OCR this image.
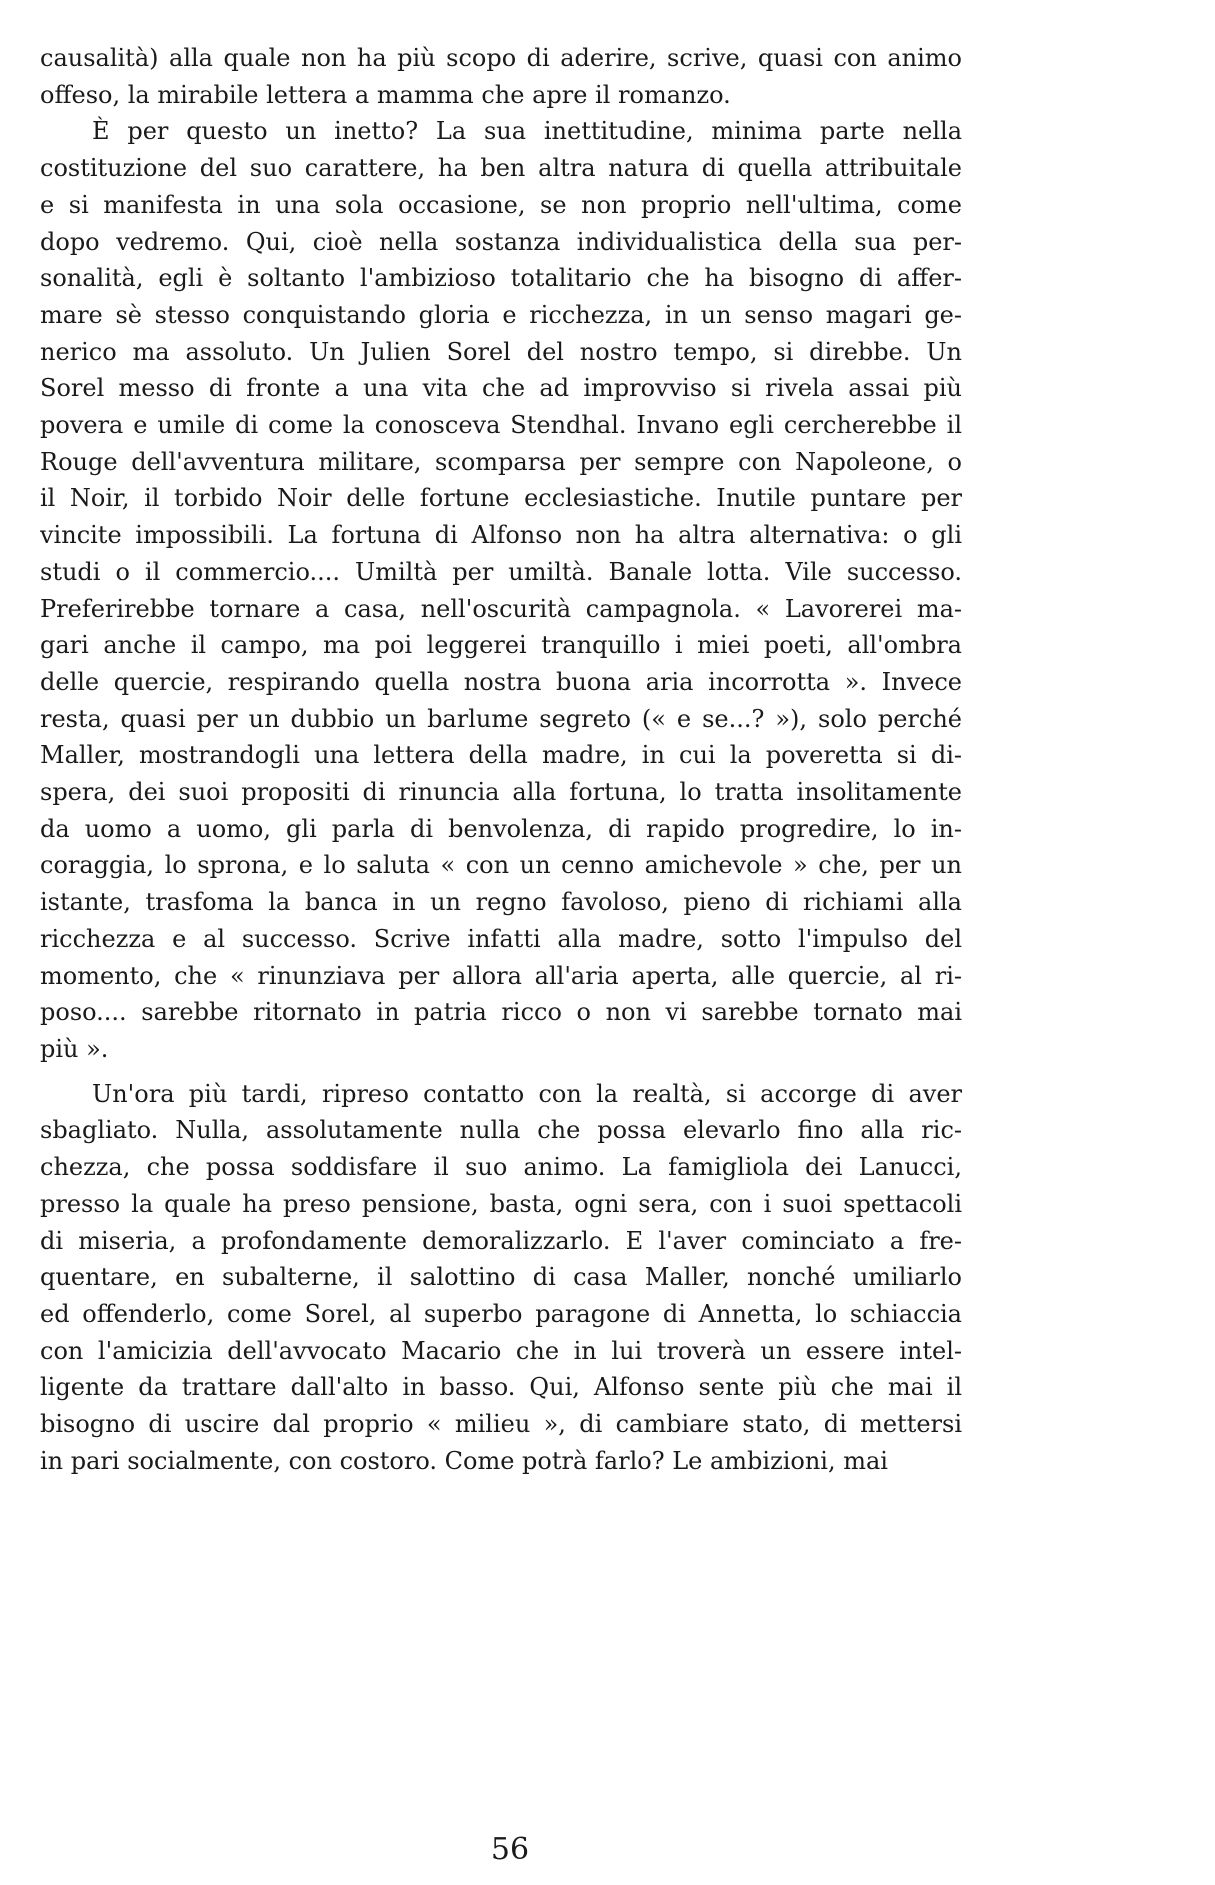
causalità) alla quale non ha più scopo di aderire, scrive, quasi con animo
offeso, la mirabile lettera a mamma che apre il romanzo.
È per questo un inetto? La sua inettitudine, minima parte nella
costituzione del suo carattere, ha ben altra natura di quella attribuitale
e si manifesta in una sola occasione, se non proprio nell'ultima, come
dopo vedremo. Qui, cioè nella sostanza individualistica della sua per-
sonalità, egli è soltanto l'ambizioso totalitario che ha bisogno di affer-
mare sè stesso conquistando gloria e ricchezza, in un senso magari ge-
nerico ma assoluto. Un Julien Sorel del nostro tempo, si direbbe. Un
Sorel messo di fronte a una vita che ad improvviso si rivela assai più
povera e umile di come la conosceva Stendhal. Invano egli cercherebbe il
Rouge dell'avventura militare, scomparsa per sempre con Napoleone, o
il Noir, il torbido Noir delle fortune ecclesiastiche. Inutile puntare per
vincite impossibili. La fortuna di Alfonso non ha altra alternativa: o gli
studi o il commercio.... Umiltà per umiltà. Banale lotta. Vile successo.
Preferirebbe tornare a casa, nell'oscurità campagnola. « Lavorerei ma-
gari anche il campo, ma poi leggerei tranquillo i miei poeti, all'ombra
delle quercie, respirando quella nostra buona aria incorrotta ». Invece
resta, quasi per un dubbio un barlume segreto (« e se...? »), solo perché
Maller, mostrandogli una lettera della madre, in cui la poveretta si di-
spera, dei suoi propositi di rinuncia alla fortuna, lo tratta insolitamente
da uomo a uomo, gli parla di benvolenza, di rapido progredire, lo in-
coraggia, lo sprona, e lo saluta « con un cenno amichevole » che, per un
istante, trasfoma la banca in un regno favoloso, pieno di richiami alla
ricchezza e al successo. Scrive infatti alla madre, sotto l'impulso del
momento, che « rinunziava per allora all'aria aperta, alle quercie, al ri-
poso.... sarebbe ritornato in patria ricco o non vi sarebbe tornato mai
più ».
Un'ora più tardi, ripreso contatto con la realtà, si accorge di aver
sbagliato. Nulla, assolutamente nulla che possa elevarlo fino alla ric-
chezza, che possa soddisfare il suo animo. La famigliola dei Lanucci,
presso la quale ha preso pensione, basta, ogni sera, con i suoi spettacoli
di miseria, a profondamente demoralizzarlo. E l'aver cominciato a fre-
quentare, en subalterne, il salottino di casa Maller, nonché umiliarlo
ed offenderlo, come Sorel, al superbo paragone di Annetta, lo schiaccia
con l'amicizia dell'avvocato Macario che in lui troverà un essere intel-
ligente da trattare dall'alto in basso. Qui, Alfonso sente più che mai il
bisogno di uscire dal proprio « milieu », di cambiare stato, di mettersi
in pari socialmente, con costoro. Come potrà farlo? Le ambizioni, mai
56
